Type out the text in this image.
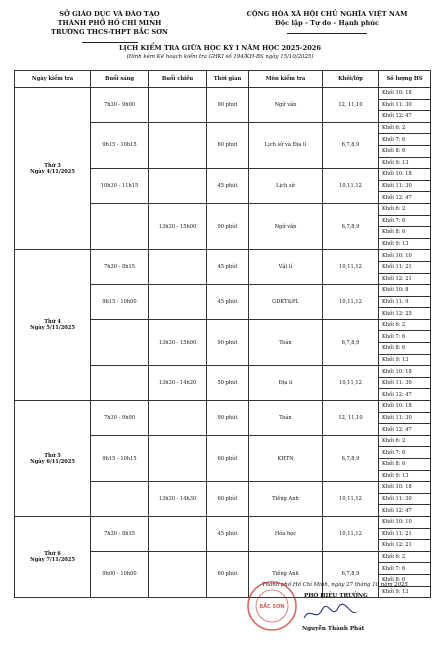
SỞ GIÁO DỤC VÀ ĐÀO TẠO
THÀNH PHỐ HỒ CHÍ MINH
TRƯỜNG THCS-THPT BẮC SƠN
CỘNG HÒA XÃ HỘI CHỦ NGHĨA VIỆT NAM
Độc lập - Tự do - Hạnh phúc
LỊCH KIỂM TRA GIỮA HỌC KỲ I NĂM HỌC 2025-2026
(Đính kèm Kế hoạch kiểm tra GHKI số 194/KH-BS ngày 15/10/2025)
Ngày kiểm tra	Buổi sáng	Buổi chiều	Thời gian	Môn kiểm tra	Khối/lớp	Số lượng HS

Thứ 3
Ngày 4/11/2025	7h30 - 9h00		90 phút	Ngữ văn	12, 11,10	Khối 10: 18
						Khối 11: 30
						Khối 12: 47
	9h15 - 10h15		60 phút	Lịch sử và Địa lí	6,7,8,9	Khối 6: 2
						Khối 7: 6
						Khối 8: 6
						Khối 9: 13
	10h30 - 11h15		45 phút	Lịch sử	10,11,12	Khối 10: 18
						Khối 11: 30
						Khối 12: 47
		13h30 - 15h00	90 phút	Ngữ văn	6,7,8,9	Khối 6: 2
						Khối 7: 6
						Khối 8: 6
						Khối 9: 13

Thứ 4
Ngày 5/11/2025	7h30 - 8h15		45 phút	Vật lí	10,11,12	Khối 10: 10
						Khối 11: 21
						Khối 12: 21
	9h15 - 10h00		45 phút	GDKT&PL	10,11,12	Khối 10: 8
						Khối 11: 9
						Khối 12: 25
		13h30 - 15h00	90 phút	Toán	6,7,8,9	Khối 6: 2
						Khối 7: 6
						Khối 8: 6
						Khối 9: 13
		13h30 - 14h20	50 phút	Địa lí	10,11,12	Khối 10: 18
						Khối 11: 30
						Khối 12: 47

Thứ 5
Ngày 6/11/2025	7h30 - 9h00		90 phút	Toán	12, 11,10	Khối 10: 18
						Khối 11: 30
						Khối 12: 47
	9h15 - 10h15		60 phút	KHTN	6,7,8,9	Khối 6: 2
						Khối 7: 6
						Khối 8: 6
						Khối 9: 13
		13h30 - 14h30	60 phút	Tiếng Anh	10,11,12	Khối 10: 18
						Khối 11: 30
						Khối 12: 47

Thứ 6
Ngày 7/11/2025	7h30 - 8h15		45 phút	Hóa học	10,11,12	Khối 10: 10
						Khối 11: 21
						Khối 12: 21
	9h00 - 10h00		60 phút	Tiếng Anh	6,7,8,9	Khối 6: 2
						Khối 7: 6
						Khối 8: 6
						Khối 9: 13
Thành phố Hồ Chí Minh, ngày 27 tháng 10 năm 2025
PHÓ HIỆU TRƯỞNG
BẮC SƠN
Nguyễn Thành Phát
